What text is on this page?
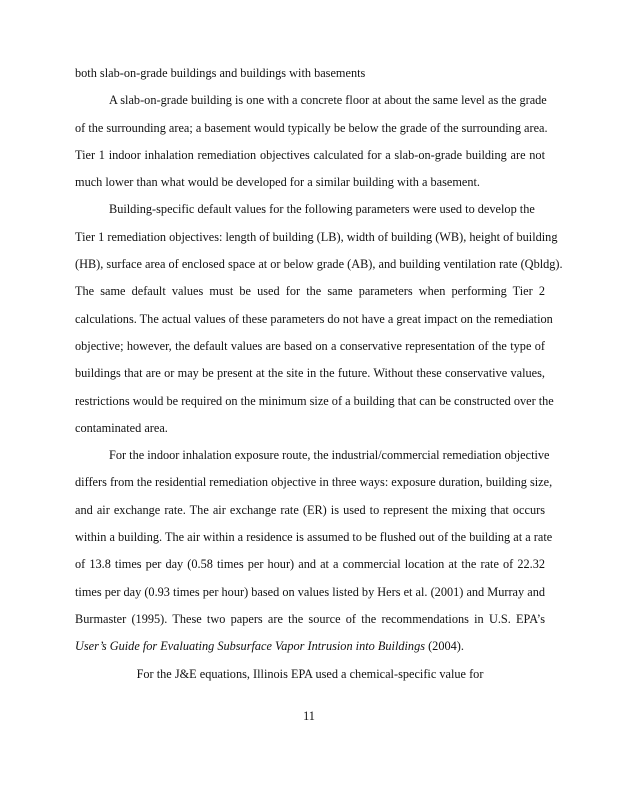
both slab-on-grade buildings and buildings with basements
A slab-on-grade building is one with a concrete floor at about the same level as the grade
of the surrounding area; a basement would typically be below the grade of the surrounding area.
Tier 1 indoor inhalation remediation objectives calculated for a slab-on-grade building are not
much lower than what would be developed for a similar building with a basement.
Building-specific default values for the following parameters were used to develop the
Tier 1 remediation objectives: length of building (LB), width of building (WB), height of building
(HB), surface area of enclosed space at or below grade (AB), and building ventilation rate (Qbldg).
The same default values must be used for the same parameters when performing Tier 2
calculations. The actual values of these parameters do not have a great impact on the remediation
objective; however, the default values are based on a conservative representation of the type of
buildings that are or may be present at the site in the future. Without these conservative values,
restrictions would be required on the minimum size of a building that can be constructed over the
contaminated area.
For the indoor inhalation exposure route, the industrial/commercial remediation objective
differs from the residential remediation objective in three ways: exposure duration, building size,
and air exchange rate. The air exchange rate (ER) is used to represent the mixing that occurs
within a building. The air within a residence is assumed to be flushed out of the building at a rate
of 13.8 times per day (0.58 times per hour) and at a commercial location at the rate of 22.32
times per day (0.93 times per hour) based on values listed by Hers et al. (2001) and Murray and
Burmaster (1995). These two papers are the source of the recommendations in U.S. EPA’s
User’s Guide for Evaluating Subsurface Vapor Intrusion into Buildings (2004).
For the J&E equations, Illinois EPA used a chemical-specific value for
11
